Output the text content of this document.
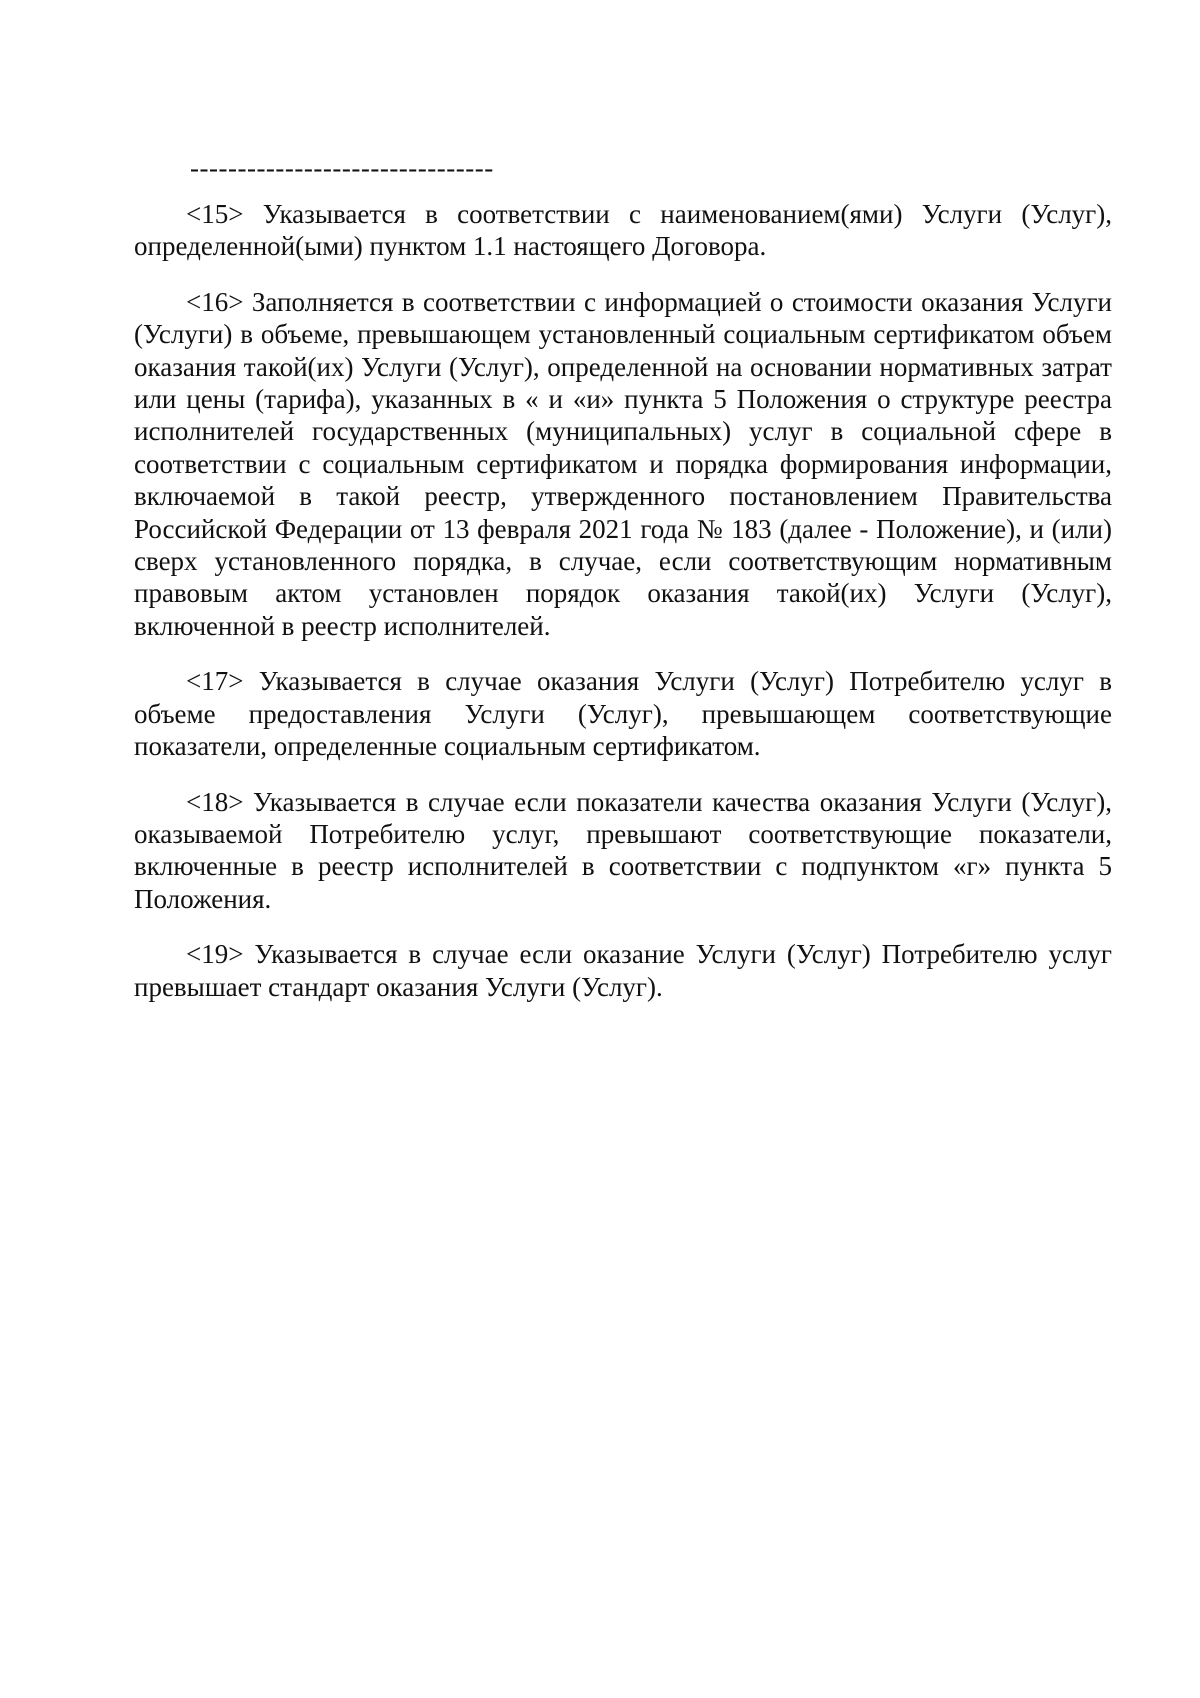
--------------------------------

<15> Указывается в соответствии с наименованием(ями) Услуги (Услуг), определенной(ыми) пунктом 1.1 настоящего Договора.

<16> Заполняется в соответствии с информацией о стоимости оказания Услуги (Услуги) в объеме, превышающем установленный социальным сертификатом объем оказания такой(их) Услуги (Услуг), определенной на основании нормативных затрат или цены (тарифа), указанных в « и «и» пункта 5 Положения о структуре реестра исполнителей государственных (муниципальных) услуг в социальной сфере в соответствии с социальным сертификатом и порядка формирования информации, включаемой в такой реестр, утвержденного постановлением Правительства Российской Федерации от 13 февраля 2021 года № 183 (далее - Положение), и (или) сверх установленного порядка, в случае, если соответствующим нормативным правовым актом установлен порядок оказания такой(их) Услуги (Услуг), включенной в реестр исполнителей.

<17> Указывается в случае оказания Услуги (Услуг) Потребителю услуг в объеме предоставления Услуги (Услуг), превышающем соответствующие показатели, определенные социальным сертификатом.

<18> Указывается в случае если показатели качества оказания Услуги (Услуг), оказываемой Потребителю услуг, превышают соответствующие показатели, включенные в реестр исполнителей в соответствии с подпунктом «г» пункта 5 Положения.

<19> Указывается в случае если оказание Услуги (Услуг) Потребителю услуг превышает стандарт оказания Услуги (Услуг).
